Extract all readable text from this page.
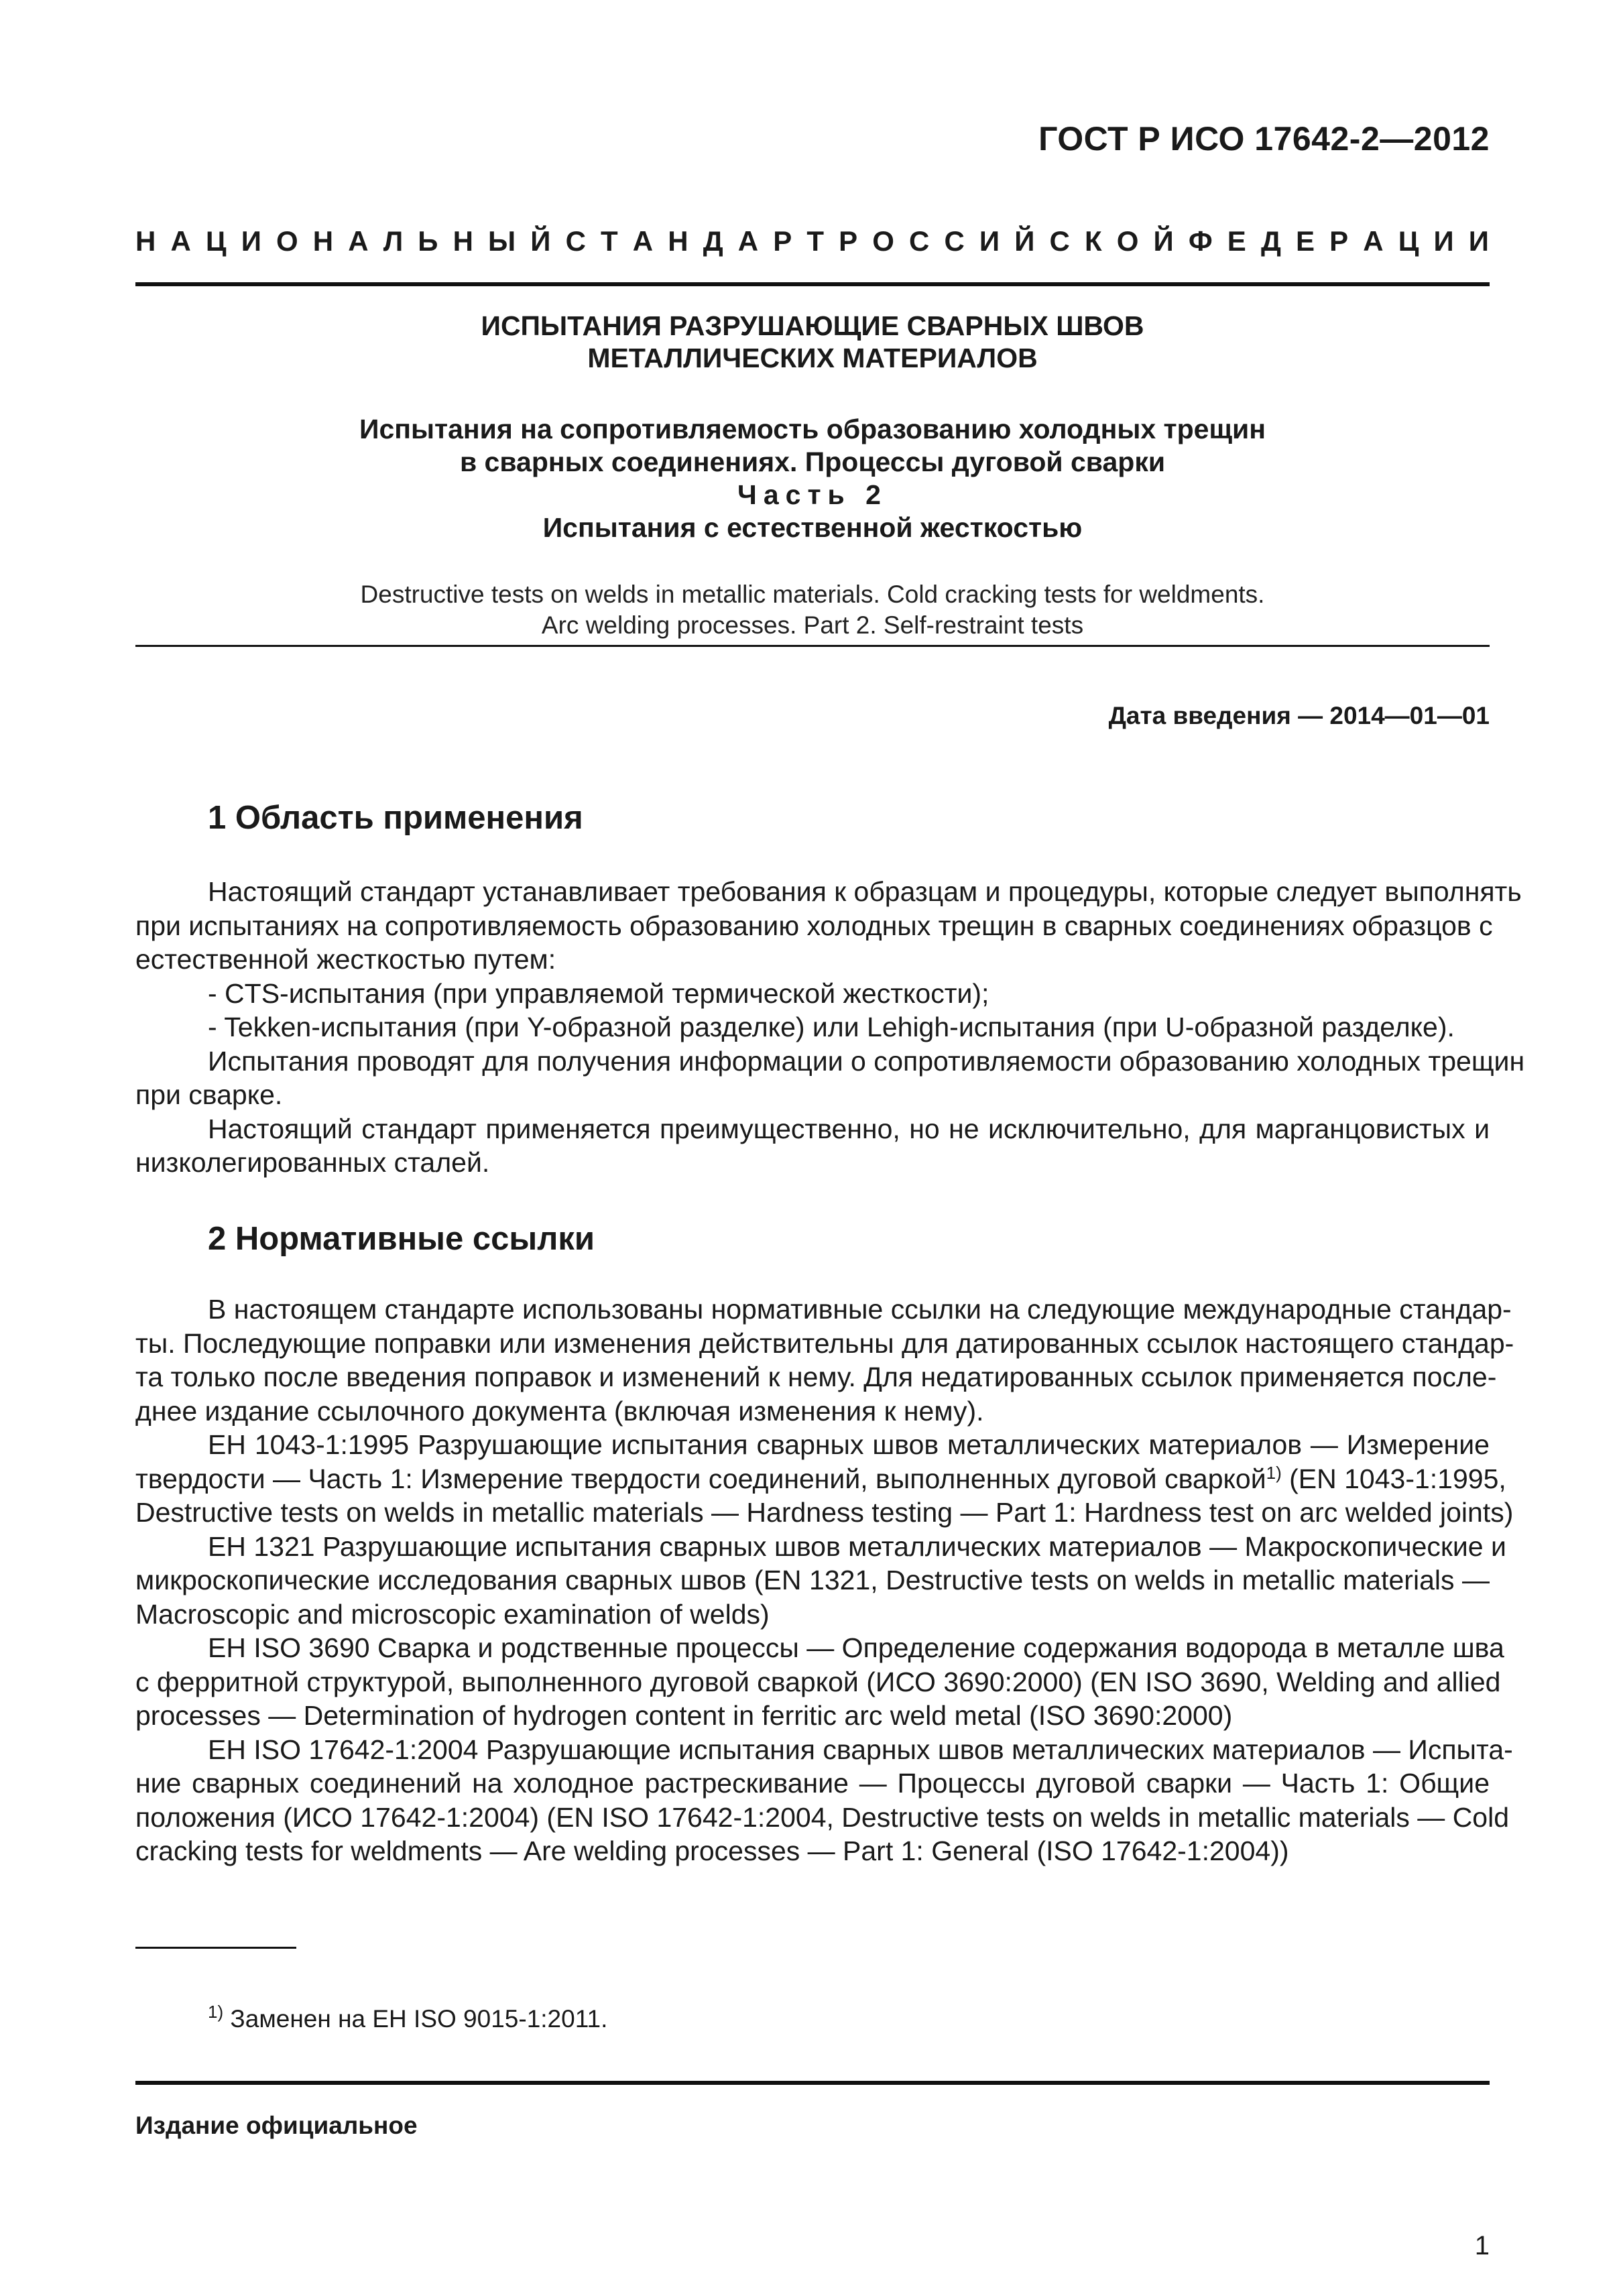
ГОСТ Р ИСО 17642-2—2012
Н А Ц И О Н А Л Ь Н Ы Й С Т А Н Д А Р Т Р О С С И Й С К О Й Ф Е Д Е Р А Ц И И
ИСПЫТАНИЯ РАЗРУШАЮЩИЕ СВАРНЫХ ШВОВ
МЕТАЛЛИЧЕСКИХ МАТЕРИАЛОВ
Испытания на сопротивляемость образованию холодных трещин
в сварных соединениях. Процессы дуговой сварки
Часть 2
Испытания с естественной жесткостью
Destructive tests on welds in metallic materials. Cold cracking tests for weldments.
Arc welding processes. Part 2. Self-restraint tests
Дата введения — 2014—01—01
1 Область применения
Настоящий стандарт устанавливает требования к образцам и процедуры, которые следует выполнять
при испытаниях на сопротивляемость образованию холодных трещин в сварных соединениях образцов с
естественной жесткостью путем:
- CTS-испытания (при управляемой термической жесткости);
- Tekken-испытания (при Y-образной разделке) или Lehigh-испытания (при U-образной разделке).
Испытания проводят для получения информации о сопротивляемости образованию холодных трещин
при сварке.
Настоящий стандарт применяется преимущественно, но не исключительно, для марганцовистых и
низколегированных сталей.
2 Нормативные ссылки
В настоящем стандарте использованы нормативные ссылки на следующие международные стандар-
ты. Последующие поправки или изменения действительны для датированных ссылок настоящего стандар-
та только после введения поправок и изменений к нему. Для недатированных ссылок применяется после-
днее издание ссылочного документа (включая изменения к нему).
ЕН 1043-1:1995 Разрушающие испытания сварных швов металлических материалов — Измерение
твердости — Часть 1: Измерение твердости соединений, выполненных дуговой сваркой$^{1)}$ (EN 1043-1:1995,
Destructive tests on welds in metallic materials — Hardness testing — Part 1: Hardness test on arc welded joints)
ЕН 1321 Разрушающие испытания сварных швов металлических материалов — Макроскопические и
микроскопические исследования сварных швов (EN 1321, Destructive tests on welds in metallic materials —
Macroscopic and microscopic examination of welds)
EH ISO 3690 Сварка и родственные процессы — Определение содержания водорода в металле шва
с ферритной структурой, выполненного дуговой сваркой (ИСО 3690:2000) (EN ISO 3690, Welding and allied
processes — Determination of hydrogen content in ferritic arc weld metal (ISO 3690:2000)
ЕН ISO 17642-1:2004 Разрушающие испытания сварных швов металлических материалов — Испыта-
ние сварных соединений на холодное растрескивание — Процессы дуговой сварки — Часть 1: Общие
положения (ИСО 17642-1:2004) (EN ISO 17642-1:2004, Destructive tests on welds in metallic materials — Cold
cracking tests for weldments — Are welding processes — Part 1: General (ISO 17642-1:2004))
$^{1)}$ Заменен на ЕН ISO 9015-1:2011.
Издание официальное
1
